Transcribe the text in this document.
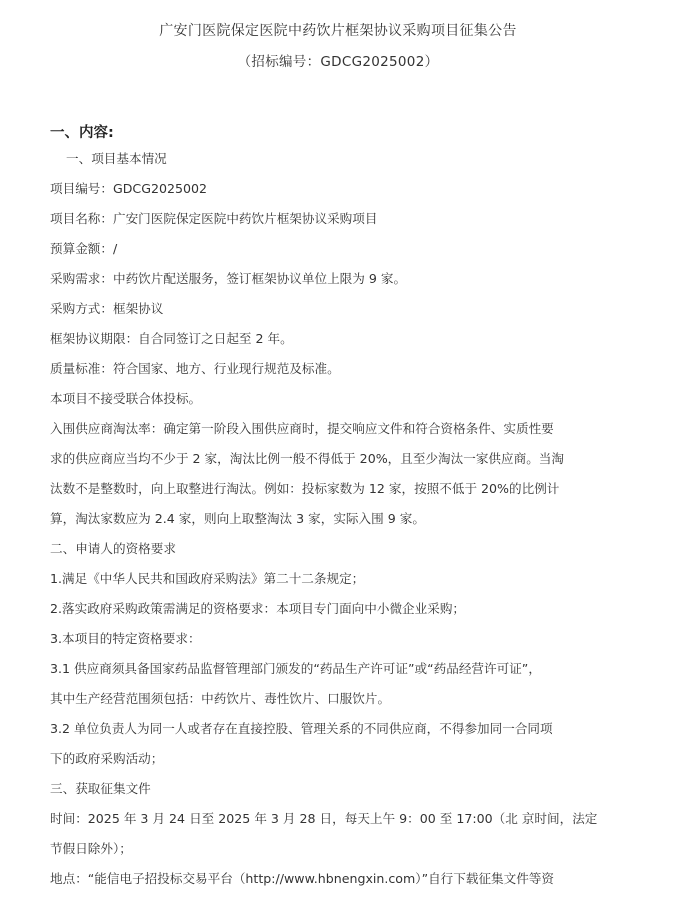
广安门医院保定医院中药饮片框架协议采购项目征集公告
（招标编号：GDCG2025002）
一、内容:
一、项目基本情况
项目编号：GDCG2025002
项目名称：广安门医院保定医院中药饮片框架协议采购项目
预算金额：/
采购需求：中药饮片配送服务，签订框架协议单位上限为 9 家。
采购方式：框架协议
框架协议期限：自合同签订之日起至 2 年。
质量标准：符合国家、地方、行业现行规范及标准。
本项目不接受联合体投标。
入围供应商淘汰率：确定第一阶段入围供应商时，提交响应文件和符合资格条件、实质性要
求的供应商应当均不少于 2 家，淘汰比例一般不得低于 20%，且至少淘汰一家供应商。当淘
汰数不是整数时，向上取整进行淘汰。例如：投标家数为 12 家，按照不低于 20%的比例计
算，淘汰家数应为 2.4 家，则向上取整淘汰 3 家，实际入围 9 家。
二、申请人的资格要求
1.满足《中华人民共和国政府采购法》第二十二条规定；
2.落实政府采购政策需满足的资格要求：本项目专门面向中小微企业采购；
3.本项目的特定资格要求：
3.1 供应商须具备国家药品监督管理部门颁发的“药品生产许可证”或“药品经营许可证”，
其中生产经营范围须包括：中药饮片、毒性饮片、口服饮片。
3.2 单位负责人为同一人或者存在直接控股、管理关系的不同供应商，不得参加同一合同项
下的政府采购活动；
三、获取征集文件
时间：2025 年 3 月 24 日至 2025 年 3 月 28 日，每天上午 9：00 至 17:00（北 京时间，法定
节假日除外）；
地点：“能信电子招投标交易平台（http://www.hbnengxin.com）”自行下载征集文件等资
